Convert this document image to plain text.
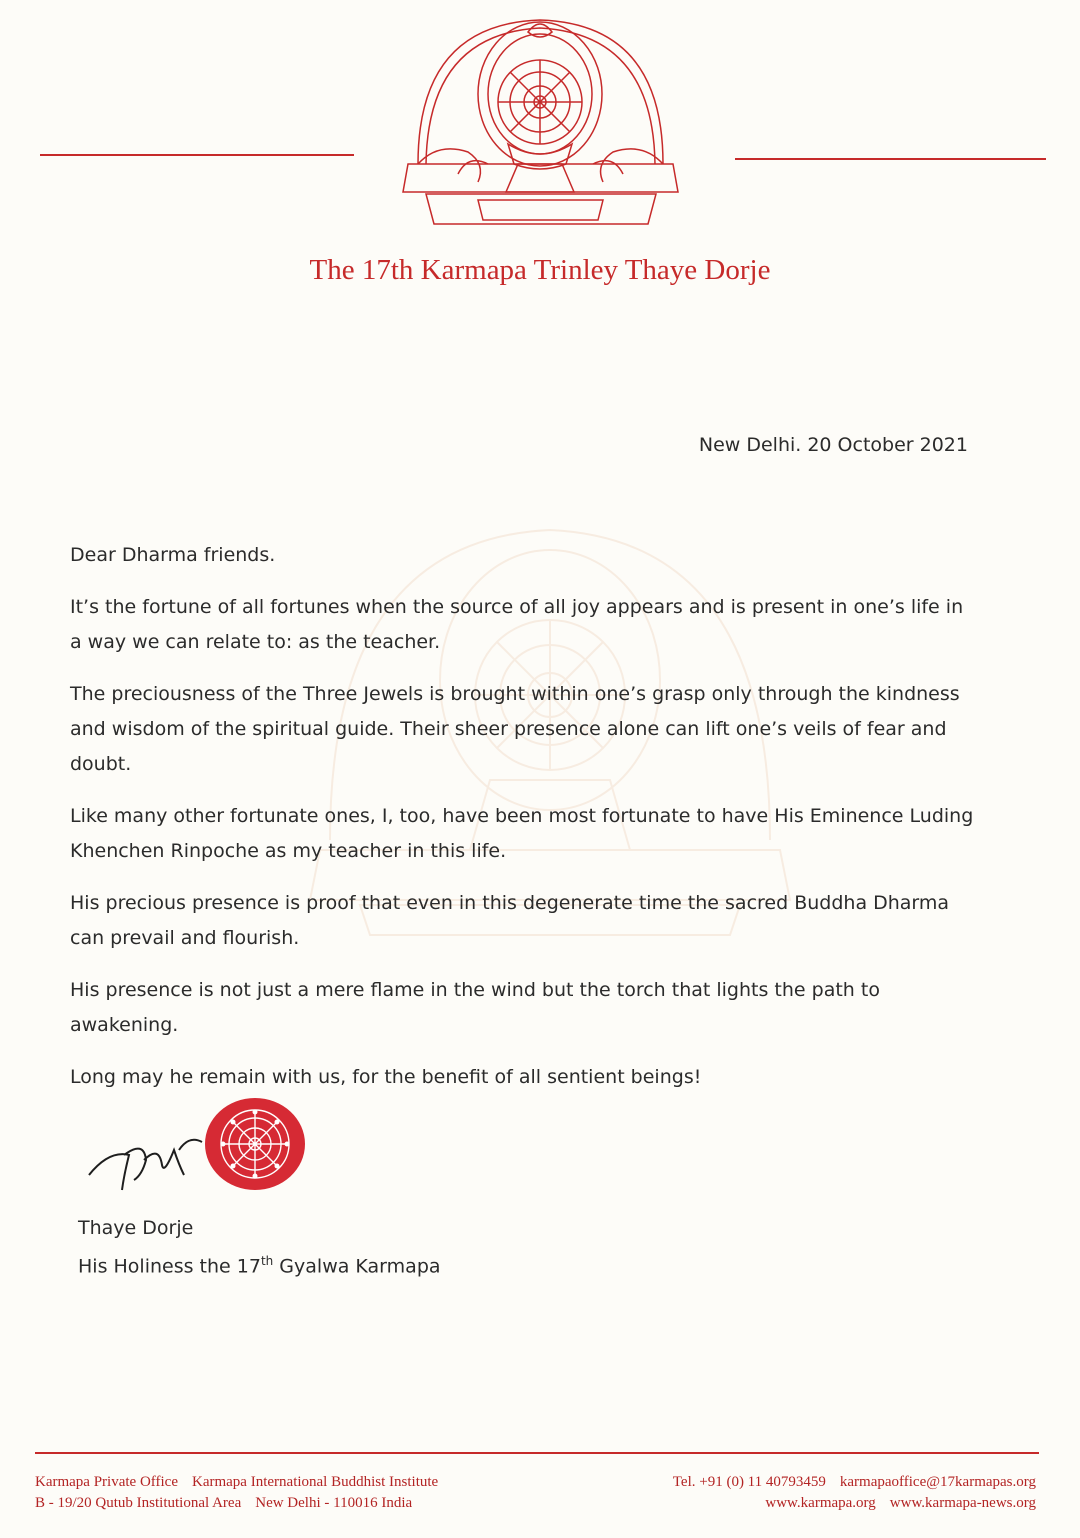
The 17th Karmapa Trinley Thaye Dorje
New Delhi. 20 October 2021

Dear Dharma friends.

It’s the fortune of all fortunes when the source of all joy appears and is present in one’s life in a way we can relate to: as the teacher.

The preciousness of the Three Jewels is brought within one’s grasp only through the kindness and wisdom of the spiritual guide. Their sheer presence alone can lift one’s veils of fear and doubt.

Like many other fortunate ones, I, too, have been most fortunate to have His Eminence Luding Khenchen Rinpoche as my teacher in this life.

His precious presence is proof that even in this degenerate time the sacred Buddha Dharma can prevail and flourish.

His presence is not just a mere flame in the wind but the torch that lights the path to awakening.

Long may he remain with us, for the benefit of all sentient beings!

Thaye Dorje
His Holiness the 17th Gyalwa Karmapa
Karmapa Private Office Karmapa International Buddhist Institute
B - 19/20 Qutub Institutional Area New Delhi - 110016 India
Tel. +91 (0) 11 40793459 karmapaoffice@17karmapas.org
www.karmapa.org www.karmapa-news.org
